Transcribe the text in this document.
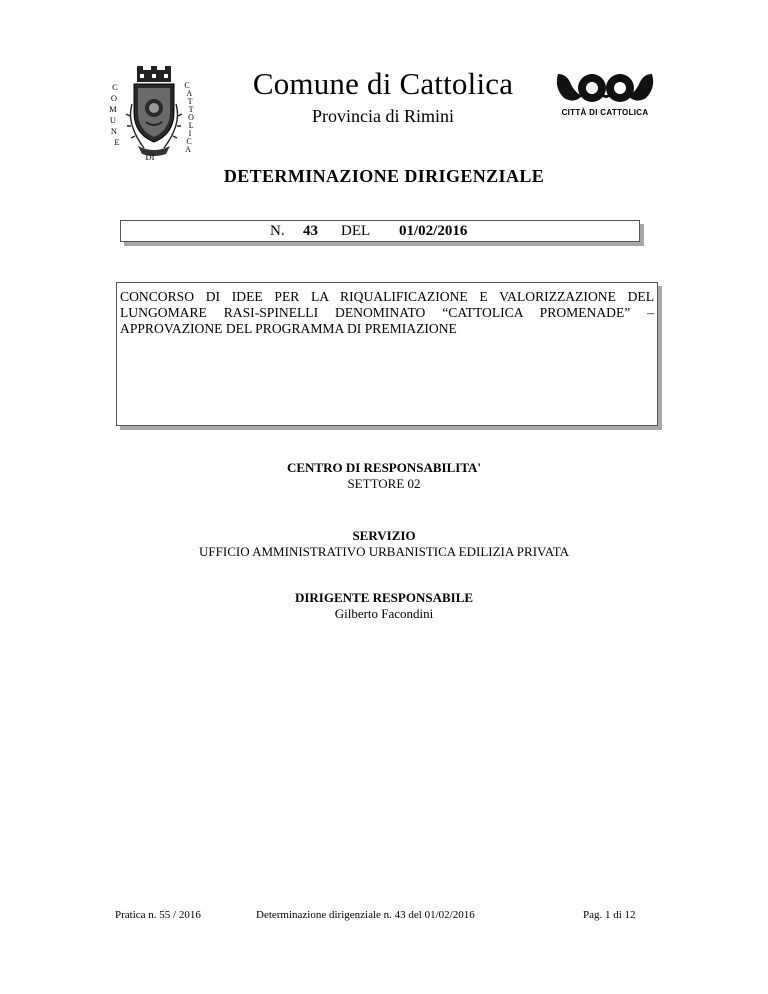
C O M U N E
C A T T O L I C A
DI
Comune di Cattolica
Provincia di Rimini	CITTÀ DI CATTOLICA
DETERMINAZIONE DIRIGENZIALE
N. 43 DEL 01/02/2016

CONCORSO DI IDEE PER LA RIQUALIFICAZIONE E VALORIZZAZIONE DEL LUNGOMARE RASI-SPINELLI DENOMINATO “CATTOLICA PROMENADE” – APPROVAZIONE DEL PROGRAMMA DI PREMIAZIONE

CENTRO DI RESPONSABILITA'
SETTORE 02
SERVIZIO
UFFICIO AMMINISTRATIVO URBANISTICA EDILIZIA PRIVATA
DIRIGENTE RESPONSABILE
Gilberto Facondini
Pratica n. 55 / 2016	Determinazione dirigenziale n. 43 del 01/02/2016	Pag. 1 di 12
